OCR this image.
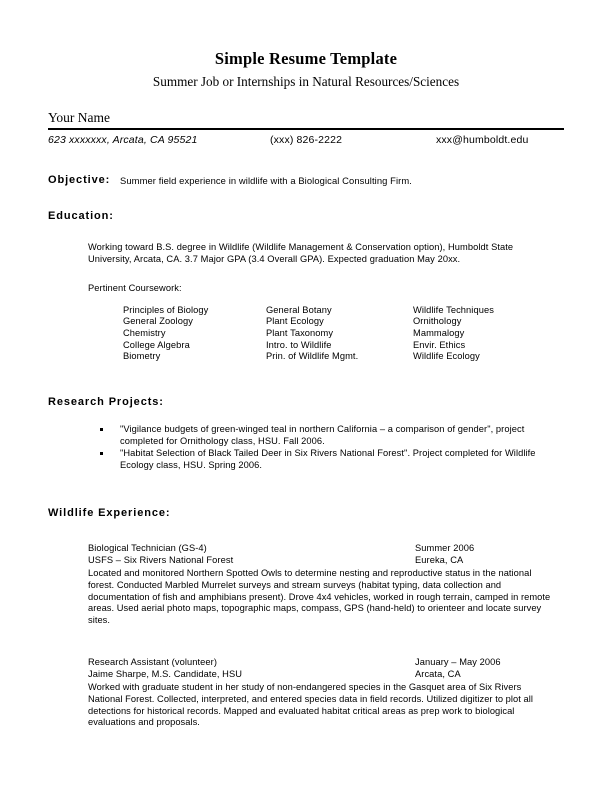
Simple Resume Template
Summer Job or Internships in Natural Resources/Sciences
Your Name
623 xxxxxxx, Arcata, CA 95521	(xxx) 826-2222	xxx@humboldt.edu
Objective: Summer field experience in wildlife with a Biological Consulting Firm.
Education:
Working toward B.S. degree in Wildlife (Wildlife Management & Conservation option), Humboldt State University, Arcata, CA. 3.7 Major GPA (3.4 Overall GPA). Expected graduation May 20xx.
Pertinent Coursework:
Principles of Biology	General Botany	Wildlife Techniques
General Zoology	Plant Ecology	Ornithology
Chemistry	Plant Taxonomy	Mammalogy
College Algebra	Intro. to Wildlife	Envir. Ethics
Biometry	Prin. of Wildlife Mgmt.	Wildlife Ecology
Research Projects:
"Vigilance budgets of green-winged teal in northern California – a comparison of gender", project completed for Ornithology class, HSU. Fall 2006.
"Habitat Selection of Black Tailed Deer in Six Rivers National Forest". Project completed for Wildlife Ecology class, HSU. Spring 2006.
Wildlife Experience:
Biological Technician (GS-4)	Summer 2006
USFS – Six Rivers National Forest	Eureka, CA
Located and monitored Northern Spotted Owls to determine nesting and reproductive status in the national forest. Conducted Marbled Murrelet surveys and stream surveys (habitat typing, data collection and documentation of fish and amphibians present). Drove 4x4 vehicles, worked in rough terrain, camped in remote areas. Used aerial photo maps, topographic maps, compass, GPS (hand-held) to orienteer and locate survey sites.
Research Assistant (volunteer)	January – May 2006
Jaime Sharpe, M.S. Candidate, HSU	Arcata, CA
Worked with graduate student in her study of non-endangered species in the Gasquet area of Six Rivers National Forest. Collected, interpreted, and entered species data in field records. Utilized digitizer to plot all detections for historical records. Mapped and evaluated habitat critical areas as prep work to biological evaluations and proposals.
